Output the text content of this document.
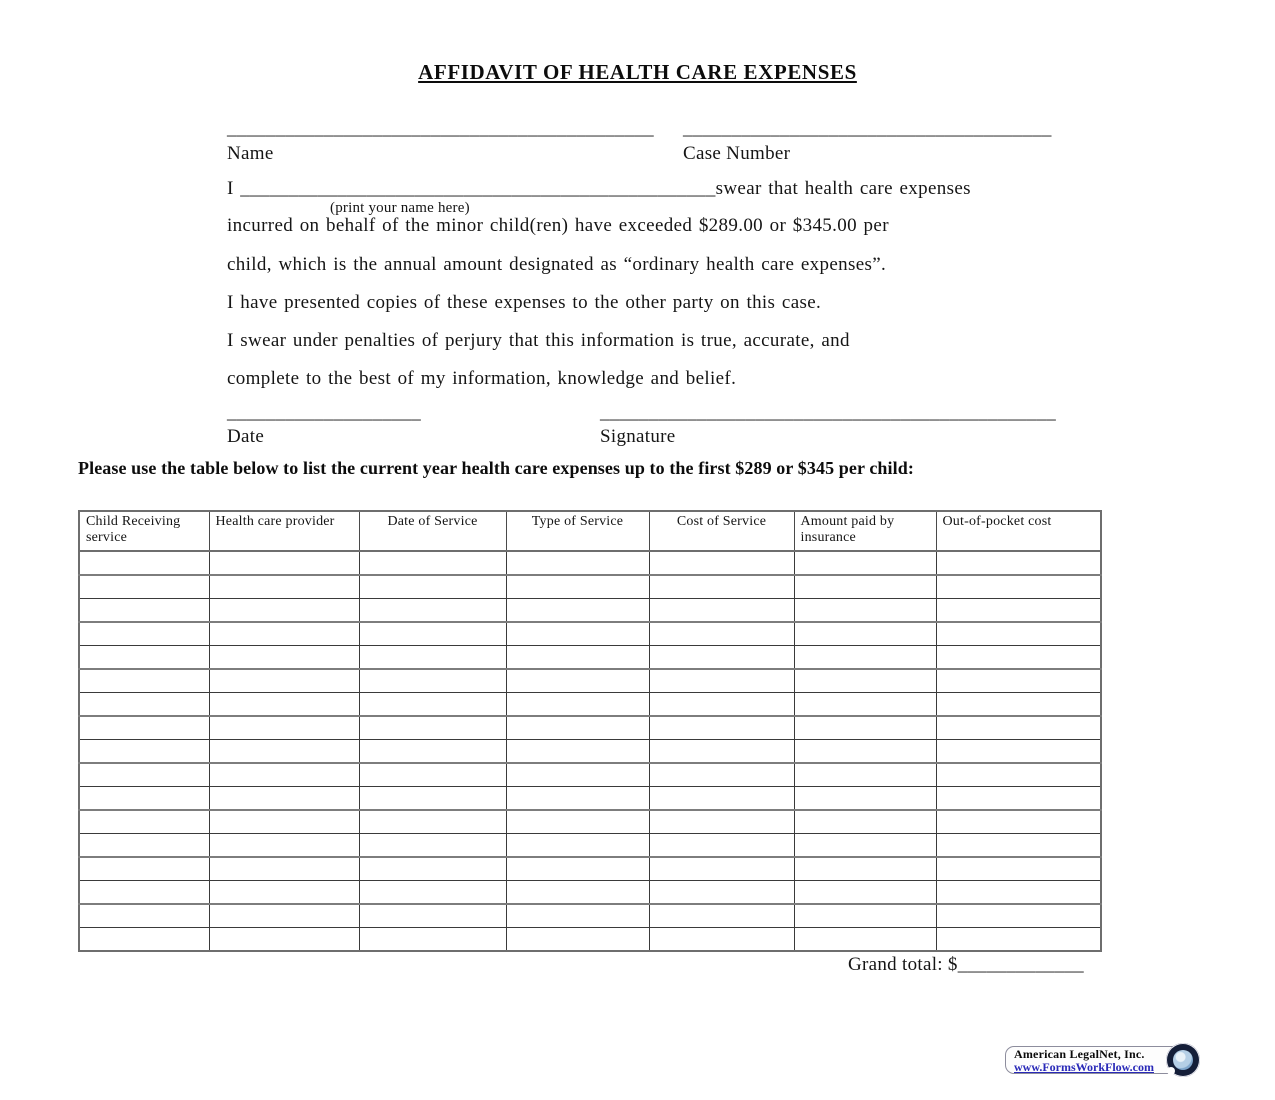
AFFIDAVIT OF HEALTH CARE EXPENSES
____________________________________________ ______________________________________
Name	Case Number
I _________________________________________________swear that health care expenses
(print your name here)
incurred on behalf of the minor child(ren) have exceeded $289.00 or $345.00 per
child, which is the annual amount designated as “ordinary health care expenses”.
I have presented copies of these expenses to the other party on this case.
I swear under penalties of perjury that this information is true, accurate, and
complete to the best of my information, knowledge and belief.
____________________	_______________________________________________
Date	Signature
Please use the table below to list the current year health care expenses up to the first $289 or $345 per child:
Child Receiving service	Health care provider	Date of Service	Type of Service	Cost of Service	Amount paid by insurance	Out-of-pocket cost

Grand total: $_____________
American LegalNet, Inc.
www.FormsWorkFlow.com
